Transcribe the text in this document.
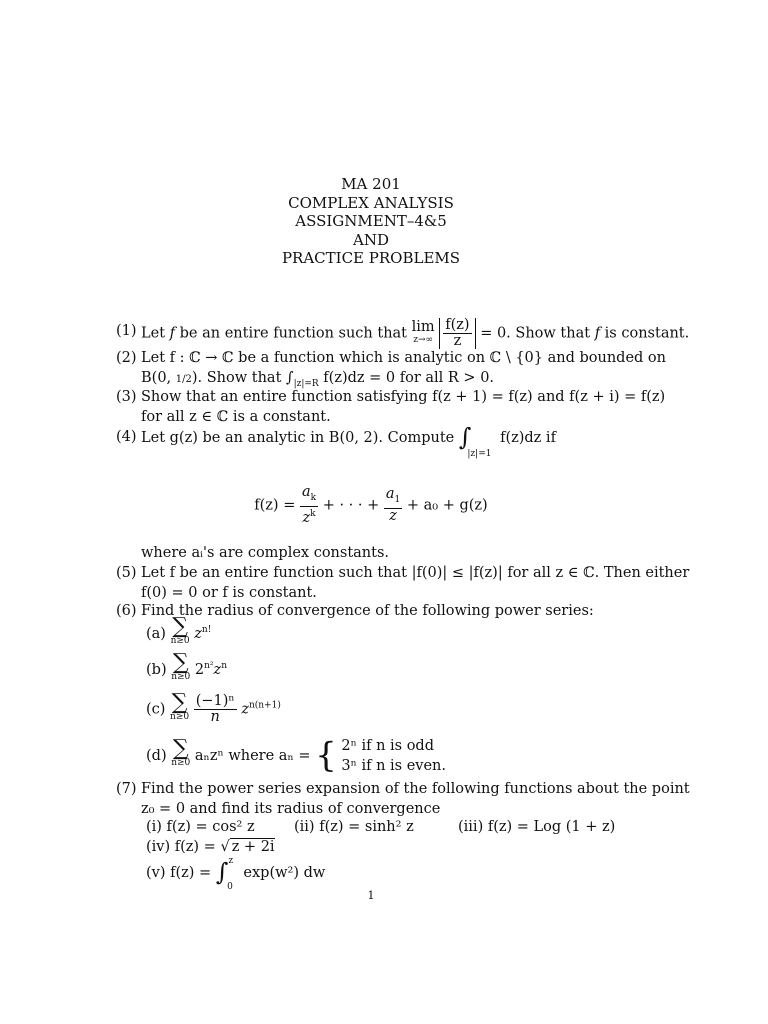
MA 201
COMPLEX ANALYSIS
ASSIGNMENT–4&5
AND
PRACTICE PROBLEMS
(1) Let f be an entire function such that lim
z→∞
$\frac{f(z)}{z} = 0$. Show that f is constant.
(2) Let f : ℂ → ℂ be a function which is analytic on ℂ \ {0} and bounded on
B(0, 1/2). Show that $\int_{|z|=R}$ f(z)dz = 0 for all R > 0.
(3) Show that an entire function satisfying f(z + 1) = f(z) and f(z + i) = f(z)
for all z ∈ ℂ is a constant.
(4) Let g(z) be an analytic in B(0, 2). Compute $\int_{|z|=1}$ f(z)dz if
$f(z) = \frac{a_k}{z^k}$ + · · · + $\frac{a_1}{z} + a_0 + g(z)$
where aᵢ's are complex constants.
(5) Let f be an entire function such that |f(0)| ≤ |f(z)| for all z ∈ ℂ. Then either
f(0) = 0 or f is constant.
(6) Find the radius of convergence of the following power series:
(a) ∑
n≥0 $z^{n!}$
(b) ∑
n≥0 $2^{n^2}z^n$
(c) ∑
n≥0
$\frac{\text{(−1)ⁿ}}{n} z^{n(n+1)}$
(d) ∑
n≥0 aₙzⁿ where aₙ = { 2ⁿ if n is odd
3ⁿ if n is even.
(7) Find the power series expansion of the following functions about the point
z₀ = 0 and find its radius of convergence
(i) f(z) = cos² z	(ii) f(z) = sinh² z	(iii) f(z) = Log (1 + z)
(iv) f(z) = √ z + 2i
(v) f(z) = ∫$^z_0$ exp(w²) dw
1
